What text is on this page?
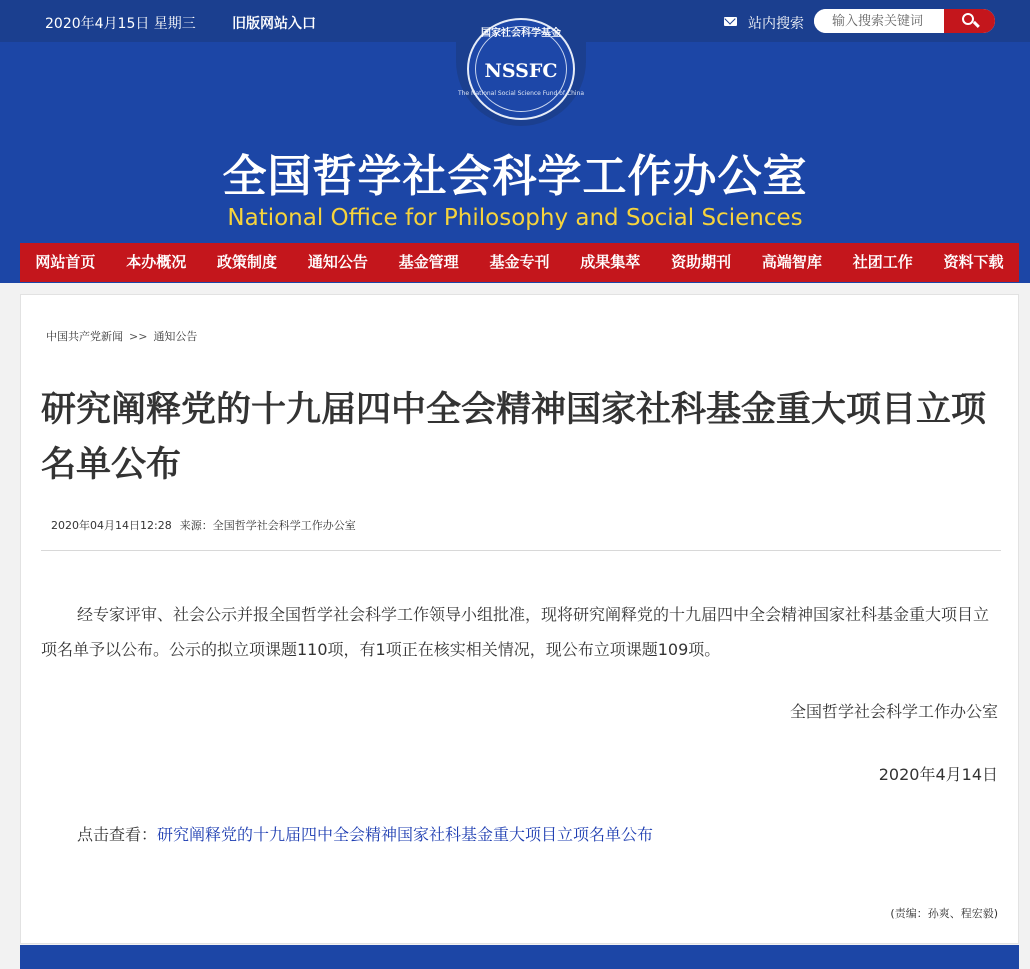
2020年4月15日 星期三	旧版网站入口	站内搜索
输入搜索关键词
国家社会科学基金
NSSFC
The National Social Science Fund of China
全国哲学社会科学工作办公室
National Office for Philosophy and Social Sciences
网站首页	本办概况	政策制度	通知公告	基金管理	基金专刊	成果集萃	资助期刊	高端智库	社团工作	资料下载
中国共产党新闻 >> 通知公告
研究阐释党的十九届四中全会精神国家社科基金重大项目立项名单公布
2020年04月14日12:28 来源：全国哲学社会科学工作办公室

经专家评审、社会公示并报全国哲学社会科学工作领导小组批准，现将研究阐释党的十九届四中全会精神国家社科基金重大项目立项名单予以公布。公示的拟立项课题110项，有1项正在核实相关情况，现公布立项课题109项。

全国哲学社会科学工作办公室
2020年4月14日
点击查看：研究阐释党的十九届四中全会精神国家社科基金重大项目立项名单公布
(责编：孙爽、程宏毅)
